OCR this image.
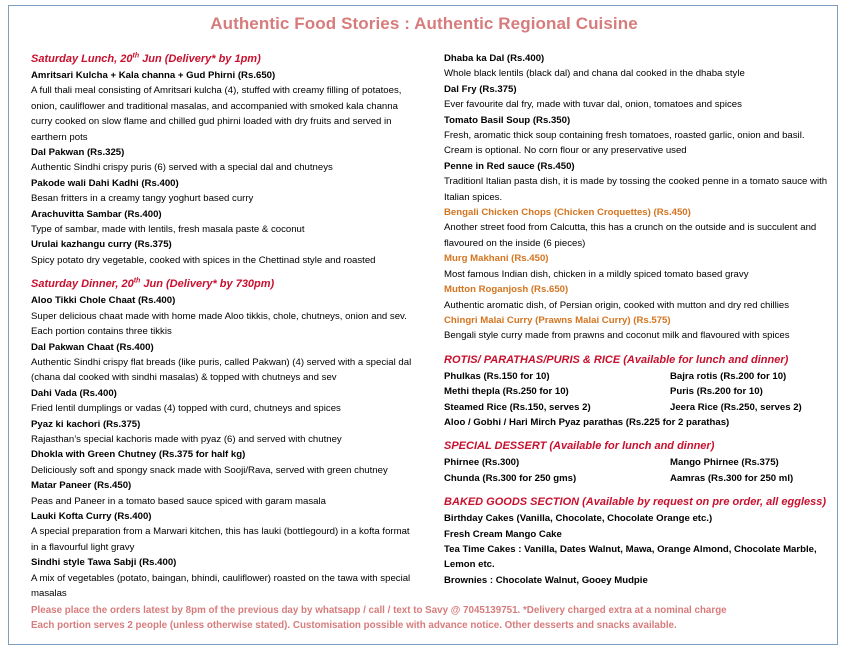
Authentic Food Stories : Authentic Regional Cuisine
Saturday Lunch, 20th Jun (Delivery* by 1pm)
Amritsari Kulcha + Kala channa + Gud Phirni (Rs.650)
A full thali meal consisting of Amritsari kulcha (4), stuffed with creamy filling of potatoes, onion, cauliflower and traditional masalas, and accompanied with smoked kala channa curry cooked on slow flame and chilled gud phirni loaded with dry fruits and served in earthern pots
Dal Pakwan (Rs.325)
Authentic Sindhi crispy puris (6) served with a special dal and chutneys
Pakode wali Dahi Kadhi (Rs.400)
Besan fritters in a creamy tangy yoghurt based curry
Arachuvitta Sambar (Rs.400)
Type of sambar, made with lentils, fresh masala paste & coconut
Urulai kazhangu curry (Rs.375)
Spicy potato dry vegetable, cooked with spices in the Chettinad style and roasted
Saturday Dinner, 20th Jun (Delivery* by 730pm)
Aloo Tikki Chole Chaat (Rs.400)
Super delicious chaat made with home made Aloo tikkis, chole, chutneys, onion and sev. Each portion contains three tikkis
Dal Pakwan Chaat (Rs.400)
Authentic Sindhi crispy flat breads (like puris, called Pakwan) (4) served with a special dal (chana dal cooked with sindhi masalas) & topped with chutneys and sev
Dahi Vada (Rs.400)
Fried lentil dumplings or vadas (4) topped with curd, chutneys and spices
Pyaz ki kachori (Rs.375)
Rajasthan’s special kachoris made with pyaz (6) and served with chutney
Dhokla with Green Chutney (Rs.375 for half kg)
Deliciously soft and spongy snack made with Sooji/Rava, served with green chutney
Matar Paneer (Rs.450)
Peas and Paneer in a tomato based sauce spiced with garam masala
Lauki Kofta Curry (Rs.400)
A special preparation from a Marwari kitchen, this has lauki (bottlegourd) in a kofta format in a flavourful light gravy
Sindhi style Tawa Sabji (Rs.400)
A mix of vegetables (potato, baingan, bhindi, cauliflower) roasted on the tawa with special masalas
Dhaba ka Dal (Rs.400)
Whole black lentils (black dal) and chana dal cooked in the dhaba style
Dal Fry (Rs.375)
Ever favourite dal fry, made with tuvar dal, onion, tomatoes and spices
Tomato Basil Soup (Rs.350)
Fresh, aromatic thick soup containing fresh tomatoes, roasted garlic, onion and basil. Cream is optional. No corn flour or any preservative used
Penne in Red sauce (Rs.450)
Traditionl Italian pasta dish, it is made by tossing the cooked penne in a tomato sauce with Italian spices.
Bengali Chicken Chops (Chicken Croquettes) (Rs.450)
Another street food from Calcutta, this has a crunch on the outside and is succulent and flavoured on the inside (6 pieces)
Murg Makhani (Rs.450)
Most famous Indian dish, chicken in a mildly spiced tomato based gravy
Mutton Roganjosh (Rs.650)
Authentic aromatic dish, of Persian origin, cooked with mutton and dry red chillies
Chingri Malai Curry (Prawns Malai Curry) (Rs.575)
Bengali style curry made from prawns and coconut milk and flavoured with spices
ROTIS/ PARATHAS/PURIS & RICE (Available for lunch and dinner)
Phulkas (Rs.150 for 10)	Bajra rotis (Rs.200 for 10)
Methi thepla (Rs.250 for 10)	Puris (Rs.200 for 10)
Steamed Rice (Rs.150, serves 2)	Jeera Rice (Rs.250, serves 2)
Aloo / Gobhi / Hari Mirch Pyaz parathas (Rs.225 for 2 parathas)
SPECIAL DESSERT (Available for lunch and dinner)
Phirnee (Rs.300)	Mango Phirnee (Rs.375)
Chunda (Rs.300 for 250 gms)	Aamras (Rs.300 for 250 ml)
BAKED GOODS SECTION (Available by request on pre order, all eggless)
Birthday Cakes (Vanilla, Chocolate, Chocolate Orange etc.)
Fresh Cream Mango Cake
Tea Time Cakes : Vanilla, Dates Walnut, Mawa, Orange Almond, Chocolate Marble, Lemon etc.
Brownies : Chocolate Walnut, Gooey Mudpie
Please place the orders latest by 8pm of the previous day by whatsapp / call / text to Savy @ 7045139751. *Delivery charged extra at a nominal charge
Each portion serves 2 people (unless otherwise stated). Customisation possible with advance notice. Other desserts and snacks available.
